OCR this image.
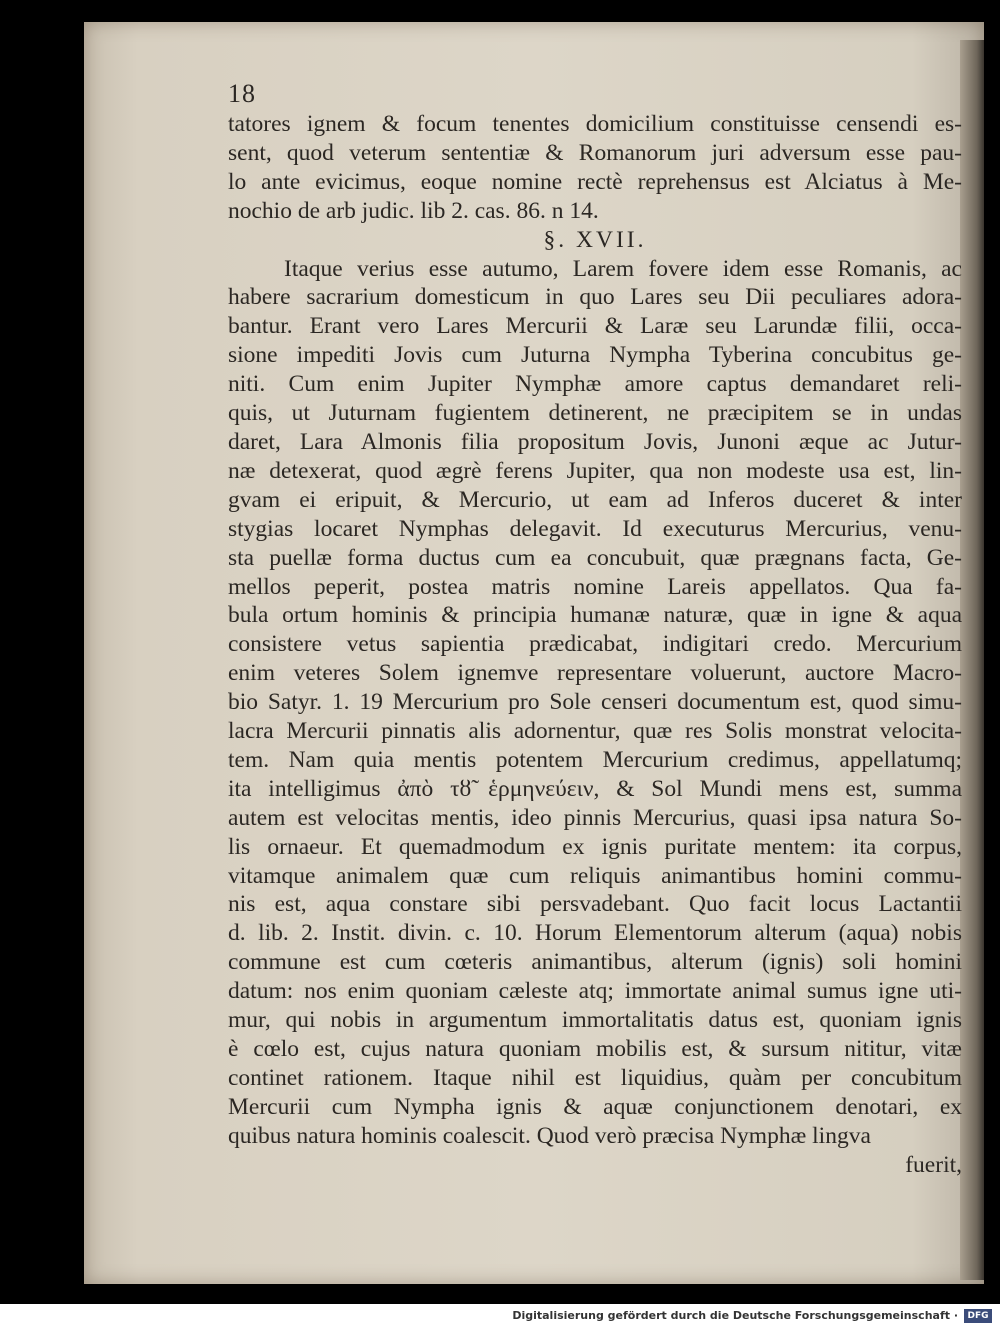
18
tatores ignem & focum tenentes domicilium constituisse censendi es-
sent, quod veterum sententiæ & Romanorum juri adversum esse pau-
lo ante evicimus, eoque nomine rectè reprehensus est Alciatus à Me-
nochio de arb judic. lib 2. cas. 86. n 14.
§. XVII.
Itaque verius esse autumo, Larem fovere idem esse Romanis, ac
habere sacrarium domesticum in quo Lares seu Dii peculiares adora-
bantur. Erant vero Lares Mercurii & Laræ seu Larundæ filii, occa-
sione impediti Jovis cum Juturna Nympha Tyberina concubitus ge-
niti. Cum enim Jupiter Nymphæ amore captus demandaret reli-
quis, ut Juturnam fugientem detinerent, ne præcipitem se in undas
daret, Lara Almonis filia propositum Jovis, Junoni æque ac Jutur-
næ detexerat, quod ægrè ferens Jupiter, qua non modeste usa est, lin-
gvam ei eripuit, & Mercurio, ut eam ad Inferos duceret & inter
stygias locaret Nymphas delegavit. Id executurus Mercurius, venu-
sta puellæ forma ductus cum ea concubuit, quæ prægnans facta, Ge-
mellos peperit, postea matris nomine Lareis appellatos. Qua fa-
bula ortum hominis & principia humanæ naturæ, quæ in igne & aqua
consistere vetus sapientia prædicabat, indigitari credo. Mercurium
enim veteres Solem ignemve representare voluerunt, auctore Macro-
bio Satyr. 1. 19 Mercurium pro Sole censeri documentum est, quod simu-
lacra Mercurii pinnatis alis adornentur, quæ res Solis monstrat velocita-
tem. Nam quia mentis potentem Mercurium credimus, appellatumq;
ita intelligimus ἀπὸ τȣ̃ ἑρμηνεύειν, & Sol Mundi mens est, summa
autem est velocitas mentis, ideo pinnis Mercurius, quasi ipsa natura So-
lis ornaeur. Et quemadmodum ex ignis puritate mentem: ita corpus,
vitamque animalem quæ cum reliquis animantibus homini commu-
nis est, aqua constare sibi persvadebant. Quo facit locus Lactantii
d. lib. 2. Instit. divin. c. 10. Horum Elementorum alterum (aqua) nobis
commune est cum cœteris animantibus, alterum (ignis) soli homini
datum: nos enim quoniam cæleste atq; immortate animal sumus igne uti-
mur, qui nobis in argumentum immortalitatis datus est, quoniam ignis
è cœlo est, cujus natura quoniam mobilis est, & sursum nititur, vitæ
continet rationem. Itaque nihil est liquidius, quàm per concubitum
Mercurii cum Nympha ignis & aquæ conjunctionem denotari, ex
quibus natura hominis coalescit. Quod verò præcisa Nymphæ lingva
fuerit,
Digitalisierung gefördert durch die Deutsche Forschungsgemeinschaft ·	DFG
